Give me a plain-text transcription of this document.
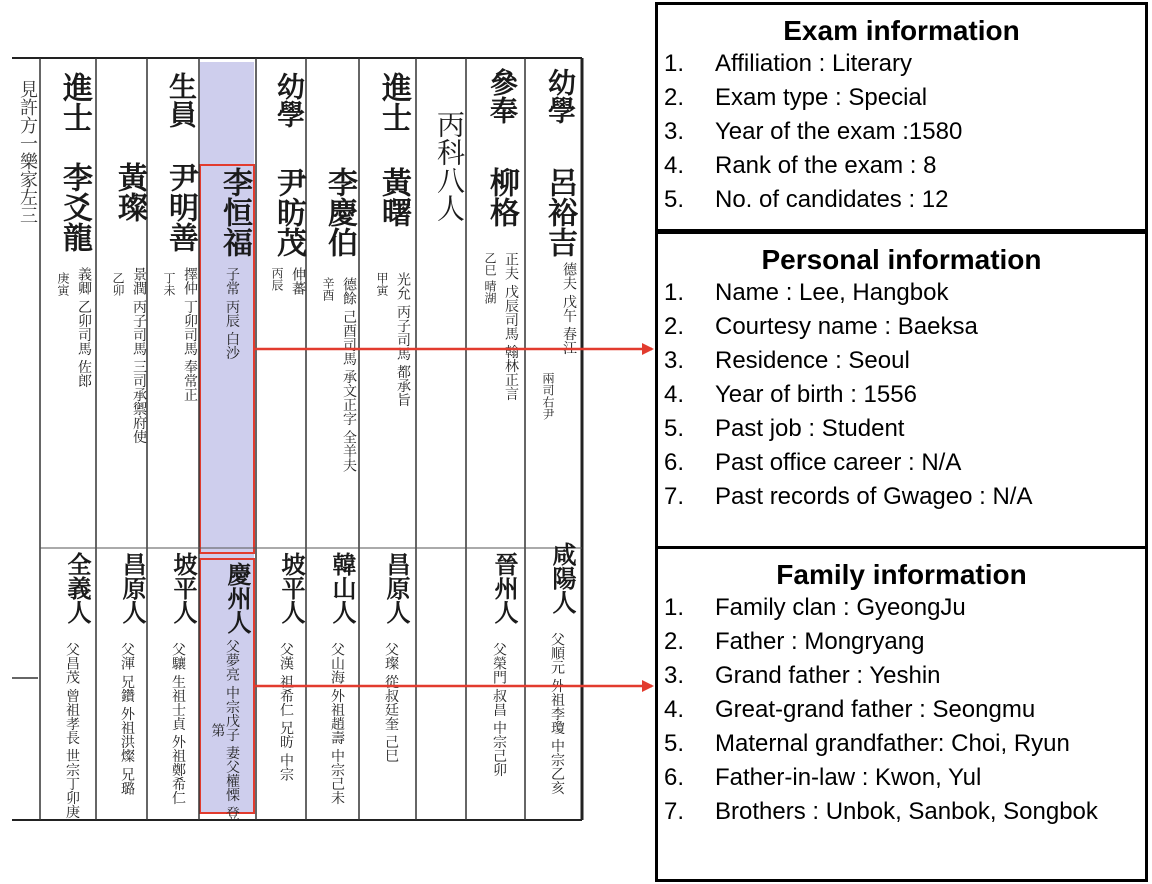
見許方一樂家左三 進士
李爻龍
義卿 乙卯司馬 佐郎
庚寅
全義人
父昌茂 曾祖孝長 世宗丁卯庚
黃璨
景潤 丙子司馬 三司承禦府使
乙卯
昌原人
父渾 兄鑽 外祖洪燦 兄璐
生員
尹明善
擇仲 丁卯司馬 奉常正
丁未
坡平人
父驤 生祖士貞 外祖鄭希仁
李恒福
子常 丙辰 白沙
慶州人
父夢亮 中宗戊子 妻父權慄 登第
幼學
尹昉茂
伸蕃
丙辰
坡平人
父漢 祖希仁 兄昉 中宗
李慶伯
德餘 己酉司馬 承文正字 全羊夫
辛酉
韓山人
父山海 外祖趙壽 中宗己未
進士
黃曙
光允 丙子司馬 都承旨
甲寅
昌原人
父璨 從叔廷奎 己巳
丙科八人
參奉
柳格
正夫 戊辰司馬 翰林正言
乙巳 晴湖
晉州人
父榮門 叔昌 中宗己卯
幼學
呂裕吉
德夫 戊午 春江
兩司右尹
咸陽人
父順元 外祖李瓊 中宗乙亥
Exam information
1. Affiliation : Literary
2. Exam type : Special
3. Year of the exam :1580
4. Rank of the exam : 8
5. No. of candidates : 12
Personal information
1. Name : Lee, Hangbok
2. Courtesy name : Baeksa
3. Residence : Seoul
4. Year of birth : 1556
5. Past job : Student
6. Past office career : N/A
7. Past records of Gwageo : N/A
Family information
1. Family clan : GyeongJu
2. Father : Mongryang
3. Grand father : Yeshin
4. Great-grand father : Seongmu
5. Maternal grandfather: Choi, Ryun
6. Father-in-law : Kwon, Yul
7. Brothers : Unbok, Sanbok, Songbok
